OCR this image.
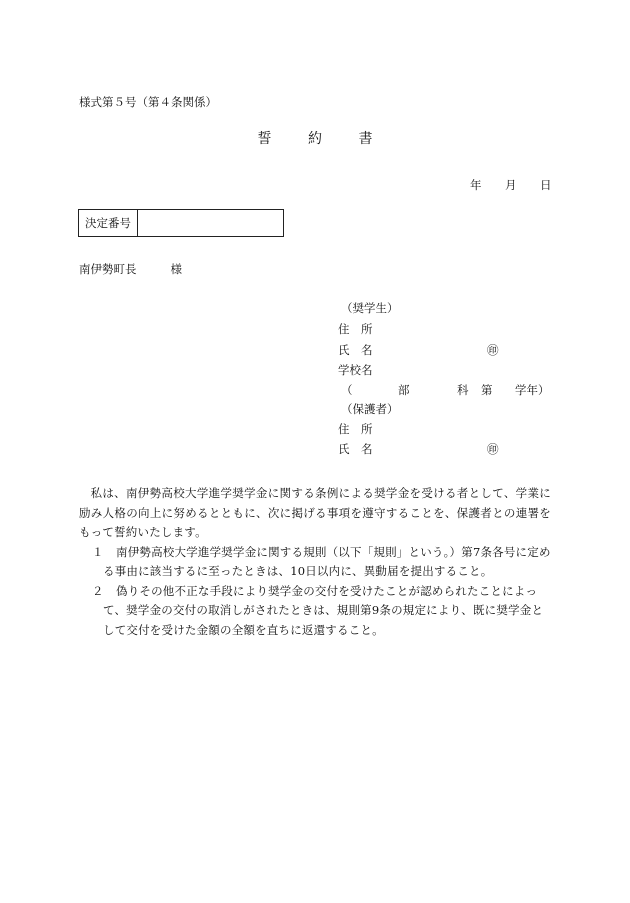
様式第５号（第４条関係）
誓	約	書
年 月 日
決定番号
南伊勢町長	様
（奨学生）
住　所
氏　名	㊞
学校名
（	部	科 第 学年）
（保護者）
住　所
氏　名	㊞

私は、南伊勢高校大学進学奨学金に関する条例による奨学金を受ける者として、学業に励み人格の向上に努めるとともに、次に掲げる事項を遵守することを、保護者との連署をもって誓約いたします。

１ 南伊勢高校大学進学奨学金に関する規則（以下「規則」という。）第7条各号に定める事由に該当するに至ったときは、10日以内に、異動届を提出すること。

２ 偽りその他不正な手段により奨学金の交付を受けたことが認められたことによって、奨学金の交付の取消しがされたときは、規則第9条の規定により、既に奨学金として交付を受けた金額の全額を直ちに返還すること。
